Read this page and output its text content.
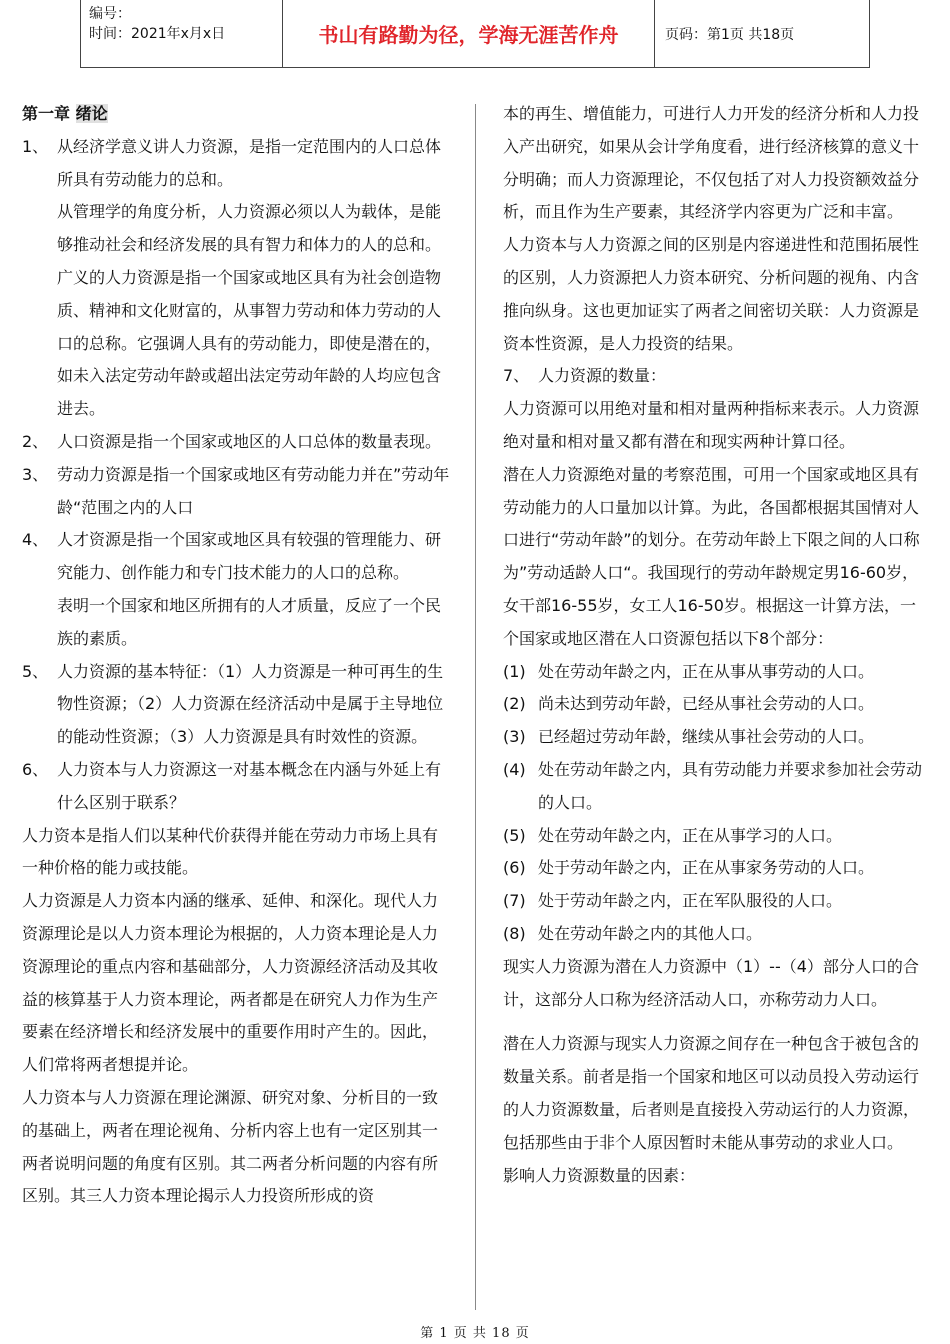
编号：
时间：2021年x月x日	书山有路勤为径，学海无涯苦作舟	页码：第1页 共18页
第一章 绪论
1、 从经济学意义讲人力资源，是指一定范围内的人口总体所具有劳动能力的总和。
从管理学的角度分析，人力资源必须以人为载体，是能够推动社会和经济发展的具有智力和体力的人的总和。
广义的人力资源是指一个国家或地区具有为社会创造物质、精神和文化财富的，从事智力劳动和体力劳动的人口的总称。它强调人具有的劳动能力，即使是潜在的，如未入法定劳动年龄或超出法定劳动年龄的人均应包含进去。
2、 人口资源是指一个国家或地区的人口总体的数量表现。
3、 劳动力资源是指一个国家或地区有劳动能力并在”劳动年龄“范围之内的人口
4、 人才资源是指一个国家或地区具有较强的管理能力、研究能力、创作能力和专门技术能力的人口的总称。
表明一个国家和地区所拥有的人才质量，反应了一个民族的素质。
5、 人力资源的基本特征：（1）人力资源是一种可再生的生物性资源；（2）人力资源在经济活动中是属于主导地位的能动性资源；（3）人力资源是具有时效性的资源。
6、 人力资本与人力资源这一对基本概念在内涵与外延上有什么区别于联系？
人力资本是指人们以某种代价获得并能在劳动力市场上具有一种价格的能力或技能。
人力资源是人力资本内涵的继承、延伸、和深化。现代人力资源理论是以人力资本理论为根据的，人力资本理论是人力资源理论的重点内容和基础部分，人力资源经济活动及其收益的核算基于人力资本理论，两者都是在研究人力作为生产要素在经济增长和经济发展中的重要作用时产生的。因此，人们常将两者想提并论。
人力资本与人力资源在理论渊源、研究对象、分析目的一致的基础上，两者在理论视角、分析内容上也有一定区别其一两者说明问题的角度有区别。其二两者分析问题的内容有所区别。其三人力资本理论揭示人力投资所形成的资
本的再生、增值能力，可进行人力开发的经济分析和人力投入产出研究，如果从会计学角度看，进行经济核算的意义十分明确；而人力资源理论，不仅包括了对人力投资额效益分析，而且作为生产要素，其经济学内容更为广泛和丰富。
人力资本与人力资源之间的区别是内容递进性和范围拓展性的区别，人力资源把人力资本研究、分析问题的视角、内含推向纵身。这也更加证实了两者之间密切关联：人力资源是资本性资源，是人力投资的结果。
7、 人力资源的数量：
人力资源可以用绝对量和相对量两种指标来表示。人力资源绝对量和相对量又都有潜在和现实两种计算口径。
潜在人力资源绝对量的考察范围，可用一个国家或地区具有劳动能力的人口量加以计算。为此，各国都根据其国情对人口进行“劳动年龄”的划分。在劳动年龄上下限之间的人口称为”劳动适龄人口“。我国现行的劳动年龄规定男16-60岁，女干部16-55岁，女工人16-50岁。根据这一计算方法，一个国家或地区潜在人口资源包括以下8个部分：
(1) 处在劳动年龄之内，正在从事从事劳动的人口。
(2) 尚未达到劳动年龄，已经从事社会劳动的人口。
(3) 已经超过劳动年龄，继续从事社会劳动的人口。
(4) 处在劳动年龄之内，具有劳动能力并要求参加社会劳动的人口。
(5) 处在劳动年龄之内，正在从事学习的人口。
(6) 处于劳动年龄之内，正在从事家务劳动的人口。
(7) 处于劳动年龄之内，正在军队服役的人口。
(8) 处在劳动年龄之内的其他人口。
现实人力资源为潜在人力资源中（1）--（4）部分人口的合计，这部分人口称为经济活动人口，亦称劳动力人口。
潜在人力资源与现实人力资源之间存在一种包含于被包含的数量关系。前者是指一个国家和地区可以动员投入劳动运行的人力资源数量，后者则是直接投入劳动运行的人力资源，包括那些由于非个人原因暂时未能从事劳动的求业人口。
影响人力资源数量的因素：
第 1 页 共 18 页
